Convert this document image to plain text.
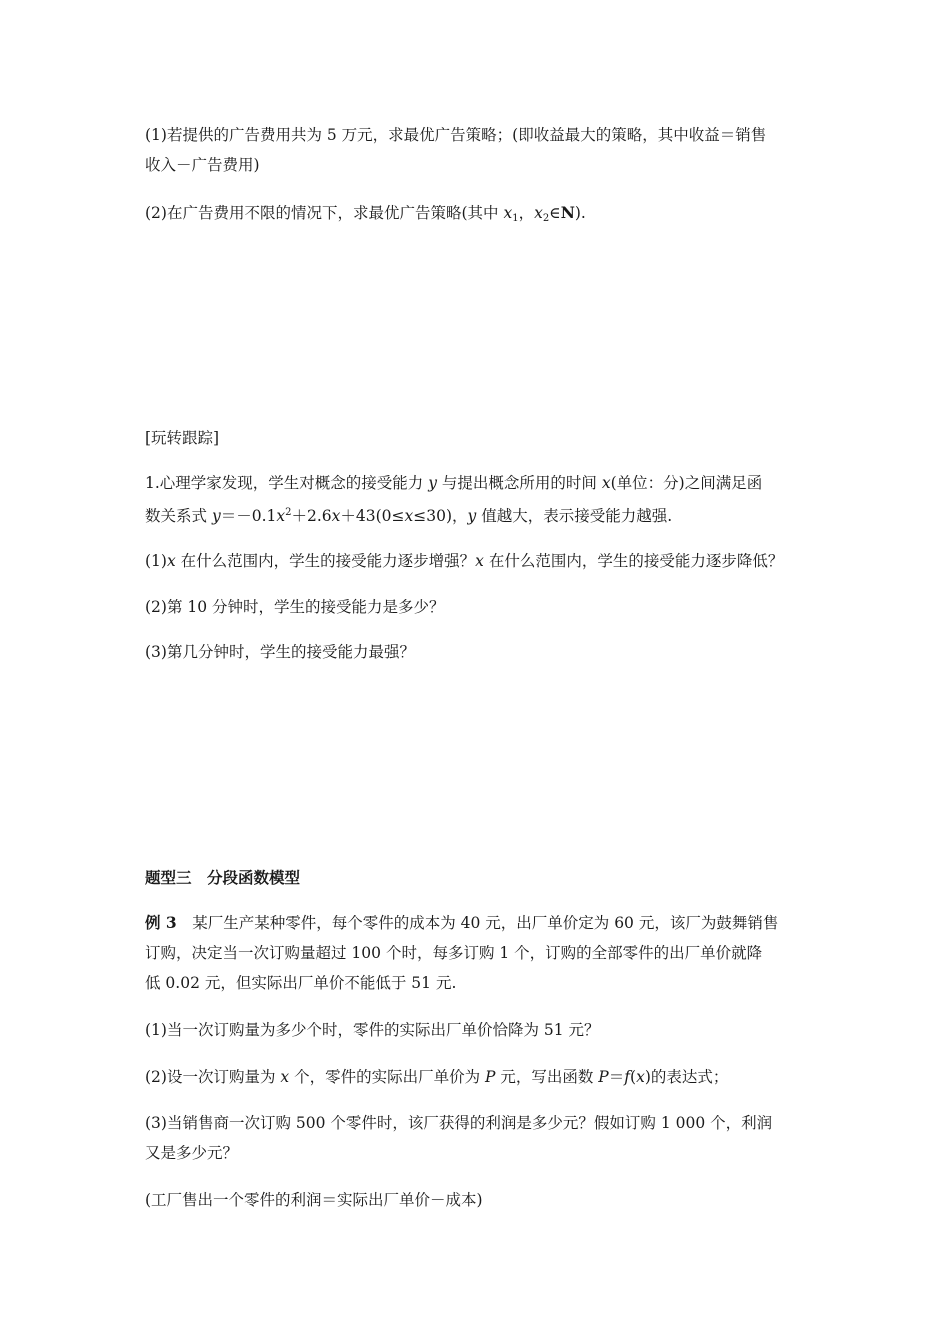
(1)若提供的广告费用共为 5 万元，求最优广告策略；(即收益最大的策略，其中收益＝销售

收入－广告费用)

(2)在广告费用不限的情况下，求最优广告策略(其中 $x_1$，$x_2\in N$).

[玩转跟踪]

1.心理学家发现，学生对概念的接受能力 y 与提出概念所用的时间 x(单位：分)之间满足函

数关系式 $y=-0.1x^2+2.6x+43(0\le x\le 30)$，y 值越大，表示接受能力越强.

(1)x 在什么范围内，学生的接受能力逐步增强？x 在什么范围内，学生的接受能力逐步降低？

(2)第 10 分钟时，学生的接受能力是多少？

(3)第几分钟时，学生的接受能力最强？

题型三　分段函数模型

例 3　某厂生产某种零件，每个零件的成本为 40 元，出厂单价定为 60 元，该厂为鼓舞销售

订购，决定当一次订购量超过 100 个时，每多订购 1 个，订购的全部零件的出厂单价就降

低 0.02 元，但实际出厂单价不能低于 51 元.

(1)当一次订购量为多少个时，零件的实际出厂单价恰降为 51 元？

(2)设一次订购量为 x 个，零件的实际出厂单价为 P 元，写出函数 P＝f(x)的表达式；

(3)当销售商一次订购 500 个零件时，该厂获得的利润是多少元？假如订购 1 000 个，利润

又是多少元？

(工厂售出一个零件的利润＝实际出厂单价－成本)
